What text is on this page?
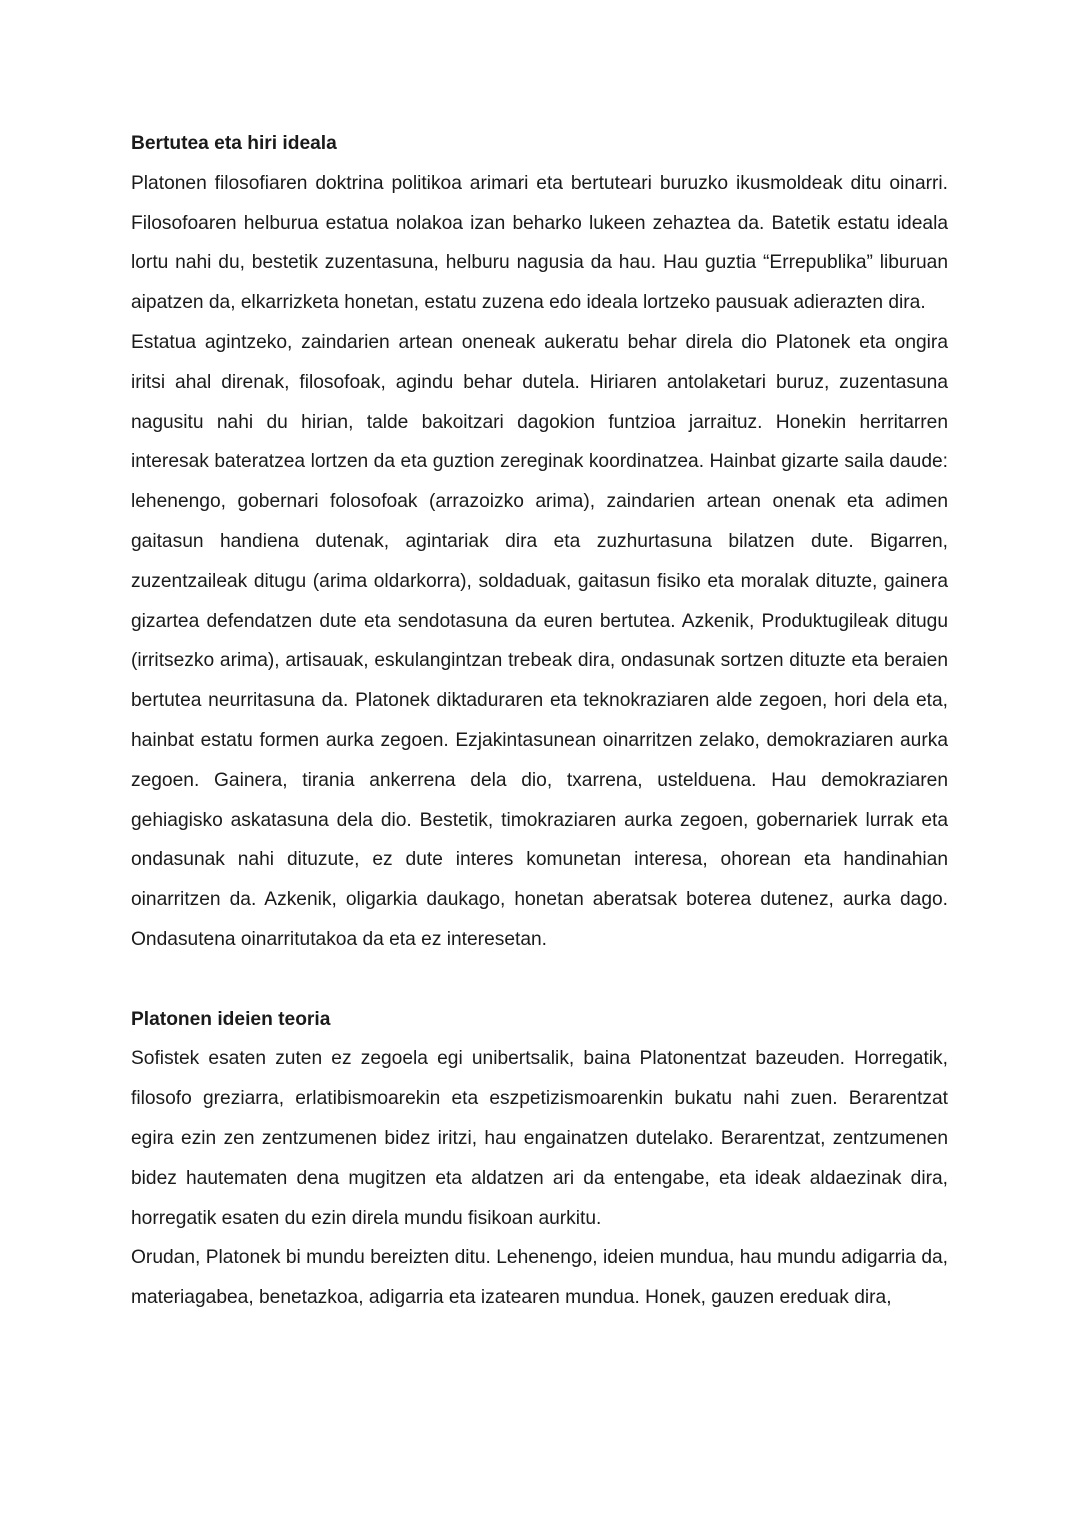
Bertutea eta hiri ideala

Platonen filosofiaren doktrina politikoa arimari eta bertuteari buruzko ikusmoldeak ditu oinarri. Filosofoaren helburua estatua nolakoa izan beharko lukeen zehaztea da. Batetik estatu ideala lortu nahi du, bestetik zuzentasuna, helburu nagusia da hau. Hau guztia “Errepublika” liburuan aipatzen da, elkarrizketa honetan, estatu zuzena edo ideala lortzeko pausuak adierazten dira.

Estatua agintzeko, zaindarien artean oneneak aukeratu behar direla dio Platonek eta ongira iritsi ahal direnak, filosofoak, agindu behar dutela. Hiriaren antolaketari buruz, zuzentasuna nagusitu nahi du hirian, talde bakoitzari dagokion funtzioa jarraituz. Honekin herritarren interesak bateratzea lortzen da eta guztion zereginak koordinatzea. Hainbat gizarte saila daude: lehenengo, gobernari folosofoak (arrazoizko arima), zaindarien artean onenak eta adimen gaitasun handiena dutenak, agintariak dira eta zuzhurtasuna bilatzen dute. Bigarren, zuzentzaileak ditugu (arima oldarkorra), soldaduak, gaitasun fisiko eta moralak dituzte, gainera gizartea defendatzen dute eta sendotasuna da euren bertutea. Azkenik, Produktugileak ditugu (irritsezko arima), artisauak, eskulangintzan trebeak dira, ondasunak sortzen dituzte eta beraien bertutea neurritasuna da. Platonek diktaduraren eta teknokraziaren alde zegoen, hori dela eta, hainbat estatu formen aurka zegoen. Ezjakintasunean oinarritzen zelako, demokraziaren aurka zegoen. Gainera, tirania ankerrena dela dio, txarrena, ustelduena. Hau demokraziaren gehiagisko askatasuna dela dio. Bestetik, timokraziaren aurka zegoen, gobernariek lurrak eta ondasunak nahi dituzute, ez dute interes komunetan interesa, ohorean eta handinahian oinarritzen da. Azkenik, oligarkia daukago, honetan aberatsak boterea dutenez, aurka dago. Ondasutena oinarritutakoa da eta ez interesetan.

Platonen ideien teoria

Sofistek esaten zuten ez zegoela egi unibertsalik, baina Platonentzat bazeuden. Horregatik, filosofo greziarra, erlatibismoarekin eta eszpetizismoarenkin bukatu nahi zuen. Berarentzat egira ezin zen zentzumenen bidez iritzi, hau engainatzen dutelako. Berarentzat, zentzumenen bidez hautematen dena mugitzen eta aldatzen ari da entengabe, eta ideak aldaezinak dira, horregatik esaten du ezin direla mundu fisikoan aurkitu.

Orudan, Platonek bi mundu bereizten ditu. Lehenengo, ideien mundua, hau mundu adigarria da, materiagabea, benetazkoa, adigarria eta izatearen mundua. Honek, gauzen ereduak dira,
